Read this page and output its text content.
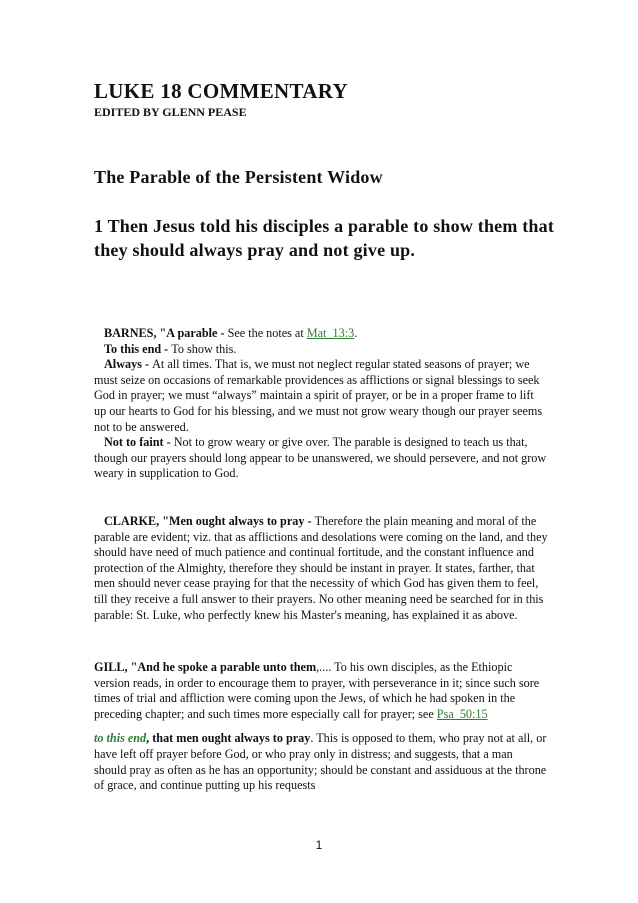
LUKE 18 COMMENTARY
EDITED BY GLENN PEASE
The Parable of the Persistent Widow
1 Then Jesus told his disciples a parable to show them that they should always pray and not give up.

BARNES, "A parable - See the notes at Mat_13:3.

To this end - To show this.

Always - At all times. That is, we must not neglect regular stated seasons of prayer; we must seize on occasions of remarkable providences as afflictions or signal blessings to seek God in prayer; we must “always” maintain a spirit of prayer, or be in a proper frame to lift up our hearts to God for his blessing, and we must not grow weary though our prayer seems not to be answered.

Not to faint - Not to grow weary or give over. The parable is designed to teach us that, though our prayers should long appear to be unanswered, we should persevere, and not grow weary in supplication to God.

CLARKE, "Men ought always to pray - Therefore the plain meaning and moral of the parable are evident; viz. that as afflictions and desolations were coming on the land, and they should have need of much patience and continual fortitude, and the constant influence and protection of the Almighty, therefore they should be instant in prayer. It states, farther, that men should never cease praying for that the necessity of which God has given them to feel, till they receive a full answer to their prayers. No other meaning need be searched for in this parable: St. Luke, who perfectly knew his Master's meaning, has explained it as above.

GILL, "And he spoke a parable unto them,.... To his own disciples, as the Ethiopic version reads, in order to encourage them to prayer, with perseverance in it; since such sore times of trial and affliction were coming upon the Jews, of which he had spoken in the preceding chapter; and such times more especially call for prayer; see Psa_50:15

to this end, that men ought always to pray. This is opposed to them, who pray not at all, or have left off prayer before God, or who pray only in distress; and suggests, that a man should pray as often as he has an opportunity; should be constant and assiduous at the throne of grace, and continue putting up his requests

1
